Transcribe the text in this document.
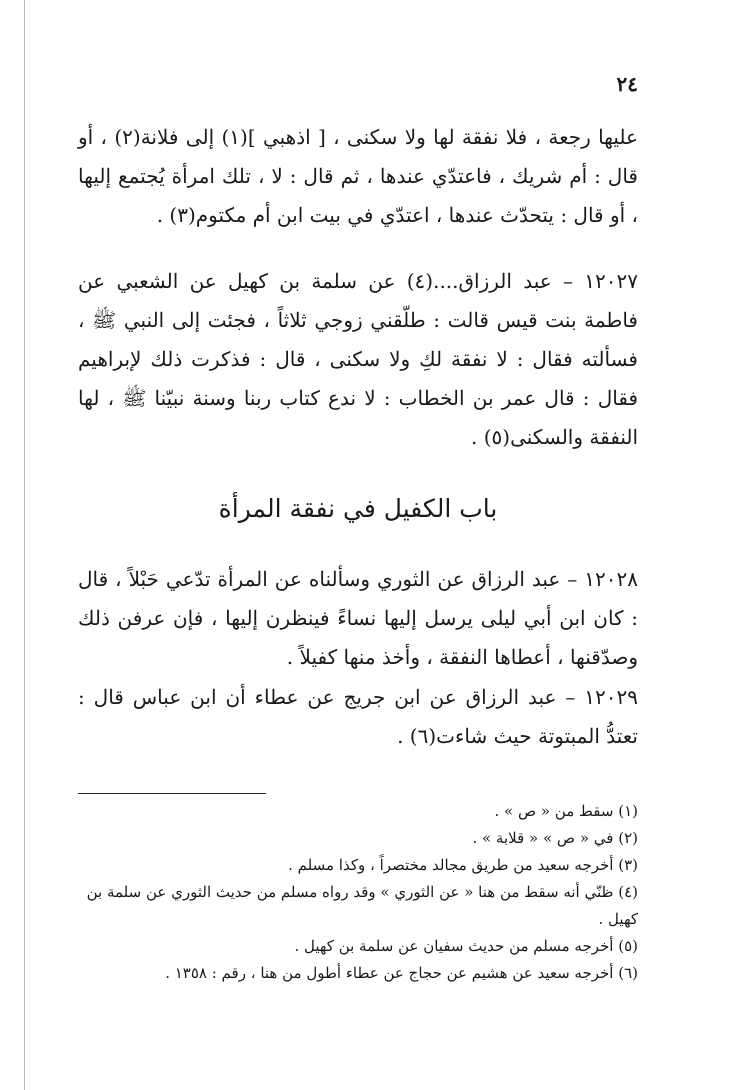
٢٤

عليها رجعة ، فلا نفقة لها ولا سكنى ، [ اذهبي ](١) إلى فلانة(٢) ، أو قال : أم شريك ، فاعتدّي عندها ، ثم قال : لا ، تلك امرأة يُجتمع إليها ، أو قال : يتحدّث عندها ، اعتدّي في بيت ابن أم مكتوم(٣) .

١٢٠٢٧ – عبد الرزاق....(٤) عن سلمة بن كهيل عن الشعبي عن فاطمة بنت قيس قالت : طلّقني زوجي ثلاثاً ، فجئت إلى النبي ﷺ ، فسألته فقال : لا نفقة لكِ ولا سكنى ، قال : فذكرت ذلك لإبراهيم فقال : قال عمر بن الخطاب : لا ندع كتاب ربنا وسنة نبيّنا ﷺ ، لها النفقة والسكنى(٥) .

باب الكفيل في نفقة المرأة

١٢٠٢٨ – عبد الرزاق عن الثوري وسألناه عن المرأة تدّعي حَبْلاً ، قال : كان ابن أبي ليلى يرسل إليها نساءً فينظرن إليها ، فإن عرفن ذلك وصدّقنها ، أعطاها النفقة ، وأخذ منها كفيلاً .

١٢٠٢٩ – عبد الرزاق عن ابن جريج عن عطاء أن ابن عباس قال : تعتدُّ المبتوتة حيث شاءت(٦) .

(١) سقط من « ص » .

(٢) في « ص » « قلابة » .

(٣) أخرجه سعيد من طريق مجالد مختصراً ، وكذا مسلم .

(٤) ظنّي أنه سقط من هنا « عن الثوري » وقد رواه مسلم من حديث الثوري عن سلمة بن كهيل .

(٥) أخرجه مسلم من حديث سفيان عن سلمة بن كهيل .

(٦) أخرجه سعيد عن هشيم عن حجاج عن عطاء أطول من هنا ، رقم : ١٣٥٨ .
